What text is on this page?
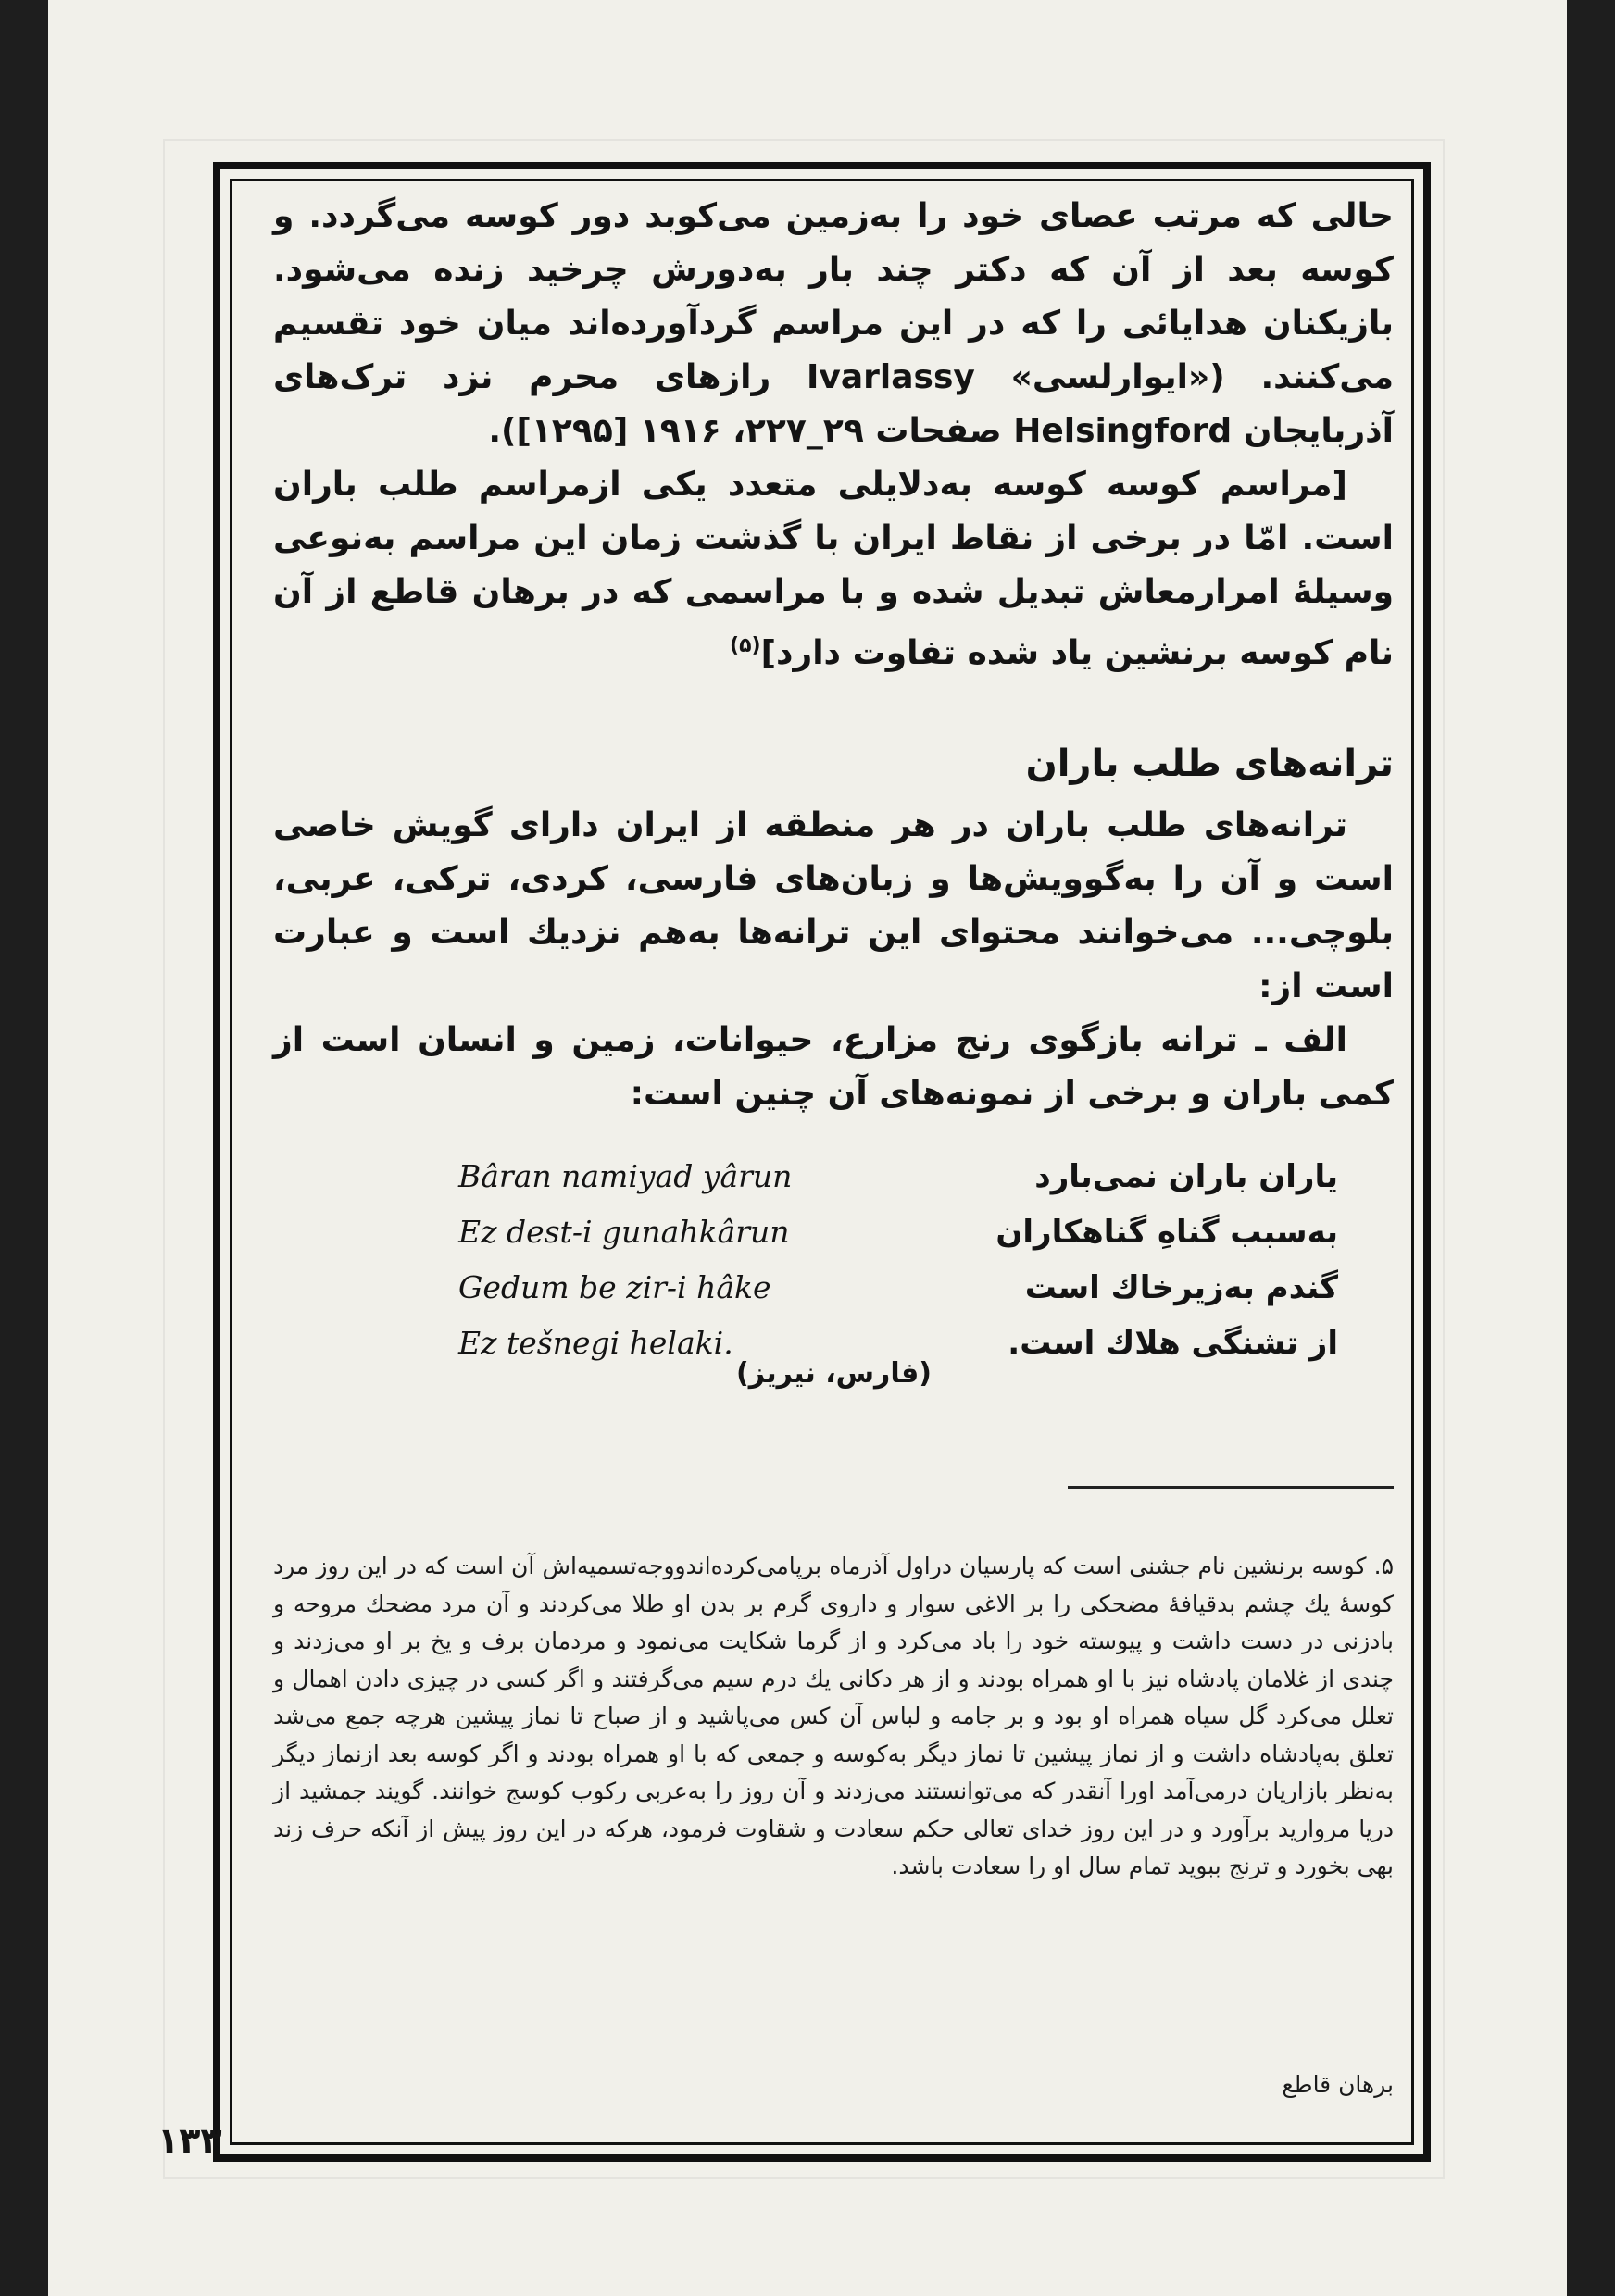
حالی که مرتب عصای خود را به‌زمین می‌کوبد دور کوسه می‌گردد. و کوسه بعد از آن که دکتر چند بار به‌دورش چرخید زنده می‌شود. بازیکنان هدایائی را که در این مراسم گردآورده‌اند میان خود تقسیم می‌کنند. («ایوارلسی» Ivarlassy رازهای محرم نزد ترک‌های آذربایجان Helsingford صفحات ۲۹_۲۲۷، ۱۹۱۶ [۱۲۹۵]).

[مراسم کوسه کوسه به‌دلایلی متعدد یکی ازمراسم طلب باران است. امّا در برخی از نقاط ایران با گذشت زمان این مراسم به‌نوعی وسیلهٔ امرارمعاش تبدیل شده و با مراسمی که در برهان قاطع از آن نام کوسه برنشین یاد شده تفاوت دارد]$^{(۵)}$

ترانه‌های طلب باران

ترانه‌های طلب باران در هر منطقه از ایران دارای گویش خاصی است و آن را به‌گوویش‌ها و زبان‌های فارسی، کردی، ترکی، عربی، بلوچی... می‌خوانند محتوای این ترانه‌ها به‌هم نزدیك است و عبارت است از:

الف ـ ترانه بازگوی رنج مزارع، حیوانات، زمین و انسان است از کمی باران و برخی از نمونه‌های آن چنین است:

یاران باران نمی‌بارد
به‌سبب گناهِ گناهکاران
گندم به‌زیرخاك است
از تشنگی هلاك است.
Bâran namiyad yârun
Ez dest-i gunahkârun
Gedum be zir-i hâke
Ez tešnegi helaki.
(فارس، نیریز)
۵. کوسه برنشین نام جشنی است که پارسیان دراول آذرماه برپامی‌کرده‌اندووجه‌تسمیه‌اش آن است که در این روز مرد کوسهٔ یك چشم بدقیافهٔ مضحکی را بر الاغی سوار و داروی گرم بر بدن او طلا می‌کردند و آن مرد مضحك مروحه و بادزنی در دست داشت و پیوسته خود را باد می‌کرد و از گرما شکایت می‌نمود و مردمان برف و یخ بر او می‌زدند و چندی از غلامان پادشاه نیز با او همراه بودند و از هر دکانی یك درم سیم می‌گرفتند و اگر کسی در چیزی دادن اهمال و تعلل می‌کرد گل سیاه همراه او بود و بر جامه و لباس آن کس می‌پاشید و از صباح تا نماز پیشین هرچه جمع می‌شد تعلق به‌پادشاه داشت و از نماز پیشین تا نماز دیگر به‌کوسه و جمعی که با او همراه بودند و اگر کوسه بعد ازنماز دیگر به‌نظر بازاریان درمی‌آمد اورا آنقدر که می‌توانستند می‌زدند و آن روز را به‌عربی رکوب کوسج خوانند. گویند جمشید از دریا مروارید برآورد و در این روز خدای تعالی حکم سعادت و شقاوت فرمود، هرکه در این روز پیش از آنکه حرف زند بهی بخورد و ترنج ببوید تمام سال او را سعادت باشد.
برهان قاطع
۱۳۳
